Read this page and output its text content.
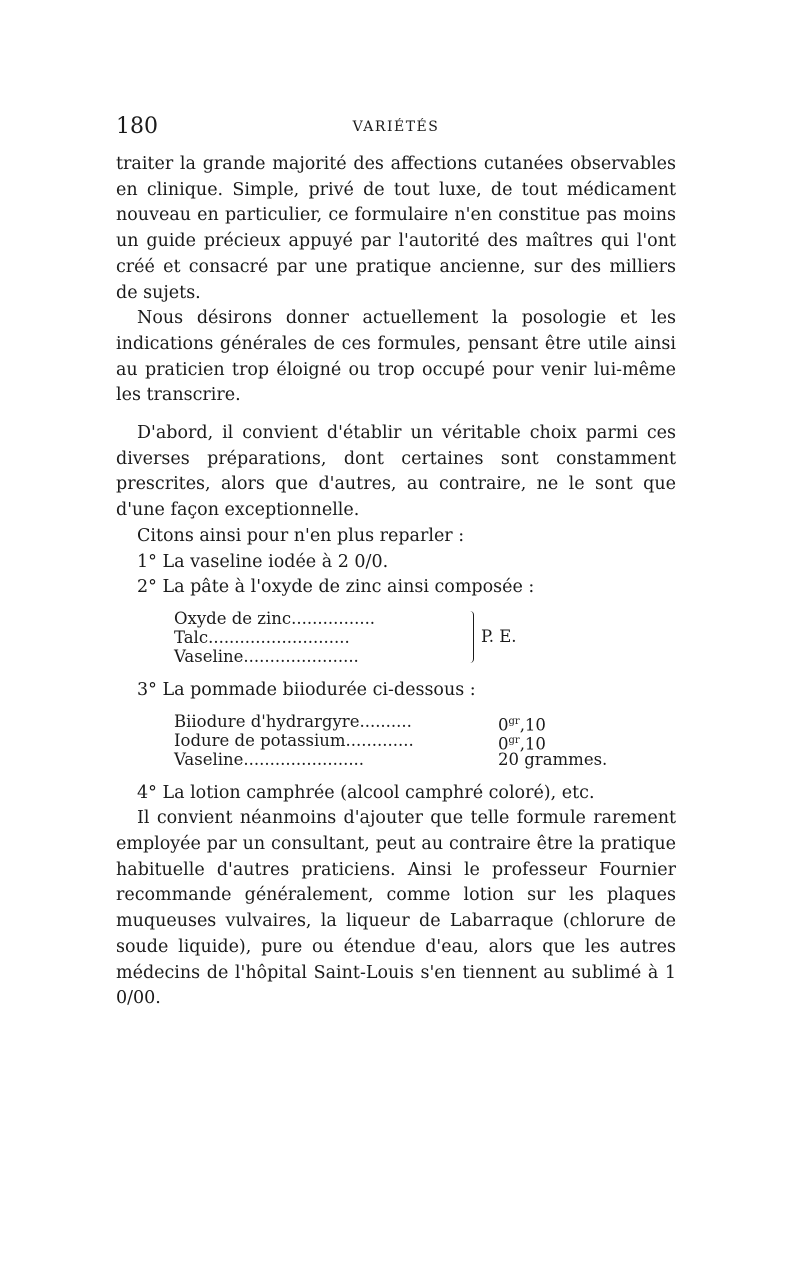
180	VARIÉTÉS

traiter la grande majorité des affections cutanées observables en clinique. Simple, privé de tout luxe, de tout médicament nouveau en particulier, ce formulaire n'en constitue pas moins un guide précieux appuyé par l'autorité des maîtres qui l'ont créé et consacré par une pratique ancienne, sur des milliers de sujets.

Nous désirons donner actuellement la posologie et les indications générales de ces formules, pensant être utile ainsi au praticien trop éloigné ou trop occupé pour venir lui-même les transcrire.

D'abord, il convient d'établir un véritable choix parmi ces diverses préparations, dont certaines sont constamment prescrites, alors que d'autres, au contraire, ne le sont que d'une façon exceptionnelle.

Citons ainsi pour n'en plus reparler :

1° La vaseline iodée à 2 0/0.

2° La pâte à l'oxyde de zinc ainsi composée :

Oxyde de zinc................
Talc...........................
Vaseline......................
P. E.

3° La pommade biiodurée ci-dessous :

Biiodure d'hydrargyre..........	$0^{gr},10$
Iodure de potassium.............	$0^{gr},10$
Vaseline.......................	20 grammes.

4° La lotion camphrée (alcool camphré coloré), etc.

Il convient néanmoins d'ajouter que telle formule rarement employée par un consultant, peut au contraire être la pratique habituelle d'autres praticiens. Ainsi le professeur Fournier recommande généralement, comme lotion sur les plaques muqueuses vulvaires, la liqueur de Labarraque (chlorure de soude liquide), pure ou étendue d'eau, alors que les autres médecins de l'hôpital Saint-Louis s'en tiennent au sublimé à 1 0/00.
